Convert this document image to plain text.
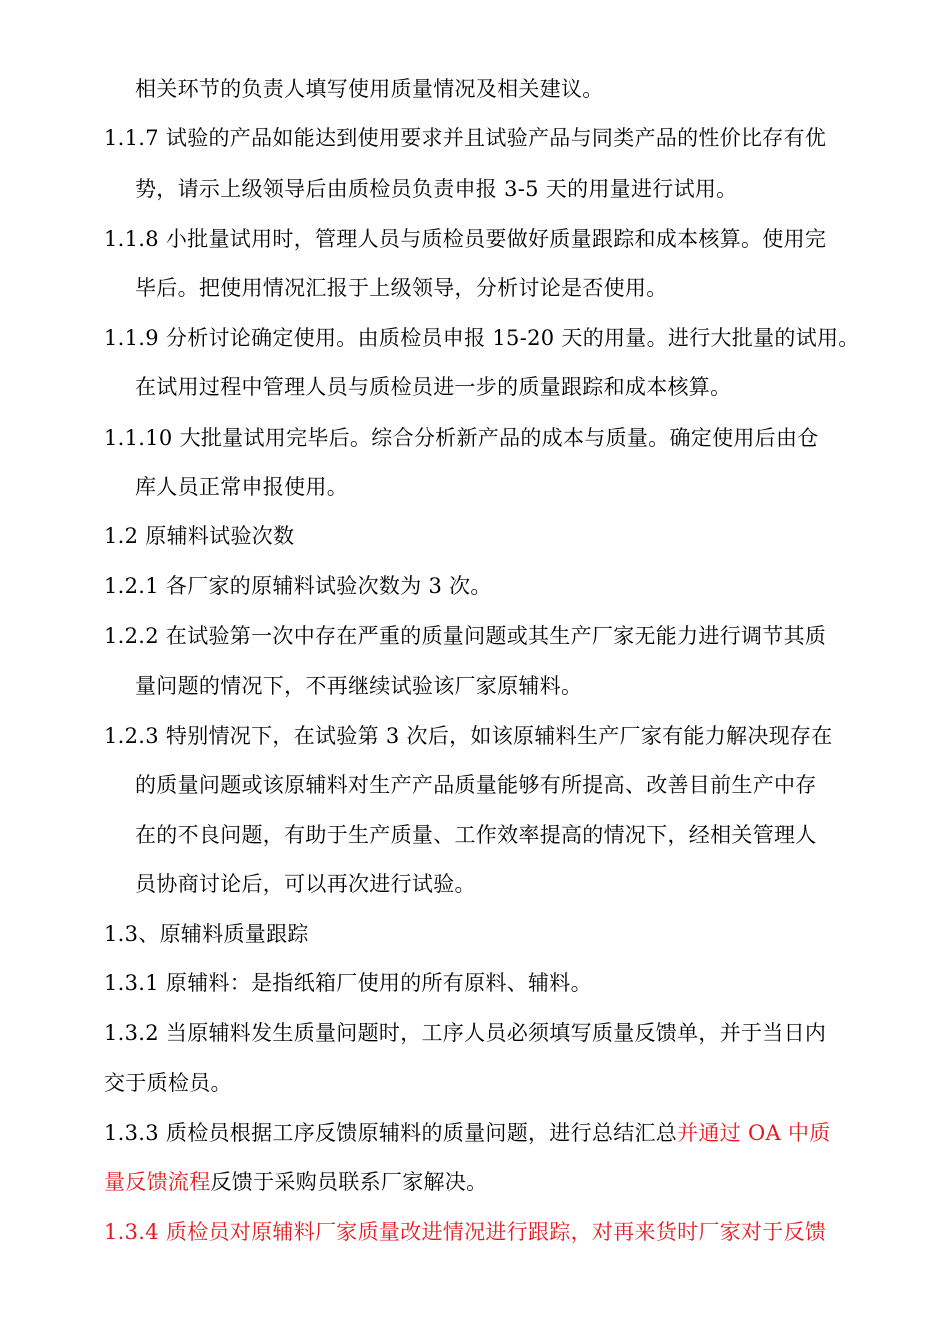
相关环节的负责人填写使用质量情况及相关建议。
1.1.7 试验的产品如能达到使用要求并且试验产品与同类产品的性价比存有优
势，请示上级领导后由质检员负责申报 3-5 天的用量进行试用。
1.1.8 小批量试用时，管理人员与质检员要做好质量跟踪和成本核算。使用完
毕后。把使用情况汇报于上级领导，分析讨论是否使用。
1.1.9 分析讨论确定使用。由质检员申报 15-20 天的用量。进行大批量的试用。
在试用过程中管理人员与质检员进一步的质量跟踪和成本核算。
1.1.10 大批量试用完毕后。综合分析新产品的成本与质量。确定使用后由仓
库人员正常申报使用。
1.2 原辅料试验次数
1.2.1 各厂家的原辅料试验次数为 3 次。
1.2.2 在试验第一次中存在严重的质量问题或其生产厂家无能力进行调节其质
量问题的情况下，不再继续试验该厂家原辅料。
1.2.3 特别情况下，在试验第 3 次后，如该原辅料生产厂家有能力解决现存在
的质量问题或该原辅料对生产产品质量能够有所提高、改善目前生产中存
在的不良问题，有助于生产质量、工作效率提高的情况下，经相关管理人
员协商讨论后，可以再次进行试验。
1.3、原辅料质量跟踪
1.3.1 原辅料：是指纸箱厂使用的所有原料、辅料。
1.3.2 当原辅料发生质量问题时，工序人员必须填写质量反馈单，并于当日内
交于质检员。
1.3.3 质检员根据工序反馈原辅料的质量问题，进行总结汇总并通过 OA 中质
量反馈流程反馈于采购员联系厂家解决。
1.3.4 质检员对原辅料厂家质量改进情况进行跟踪，对再来货时厂家对于反馈
